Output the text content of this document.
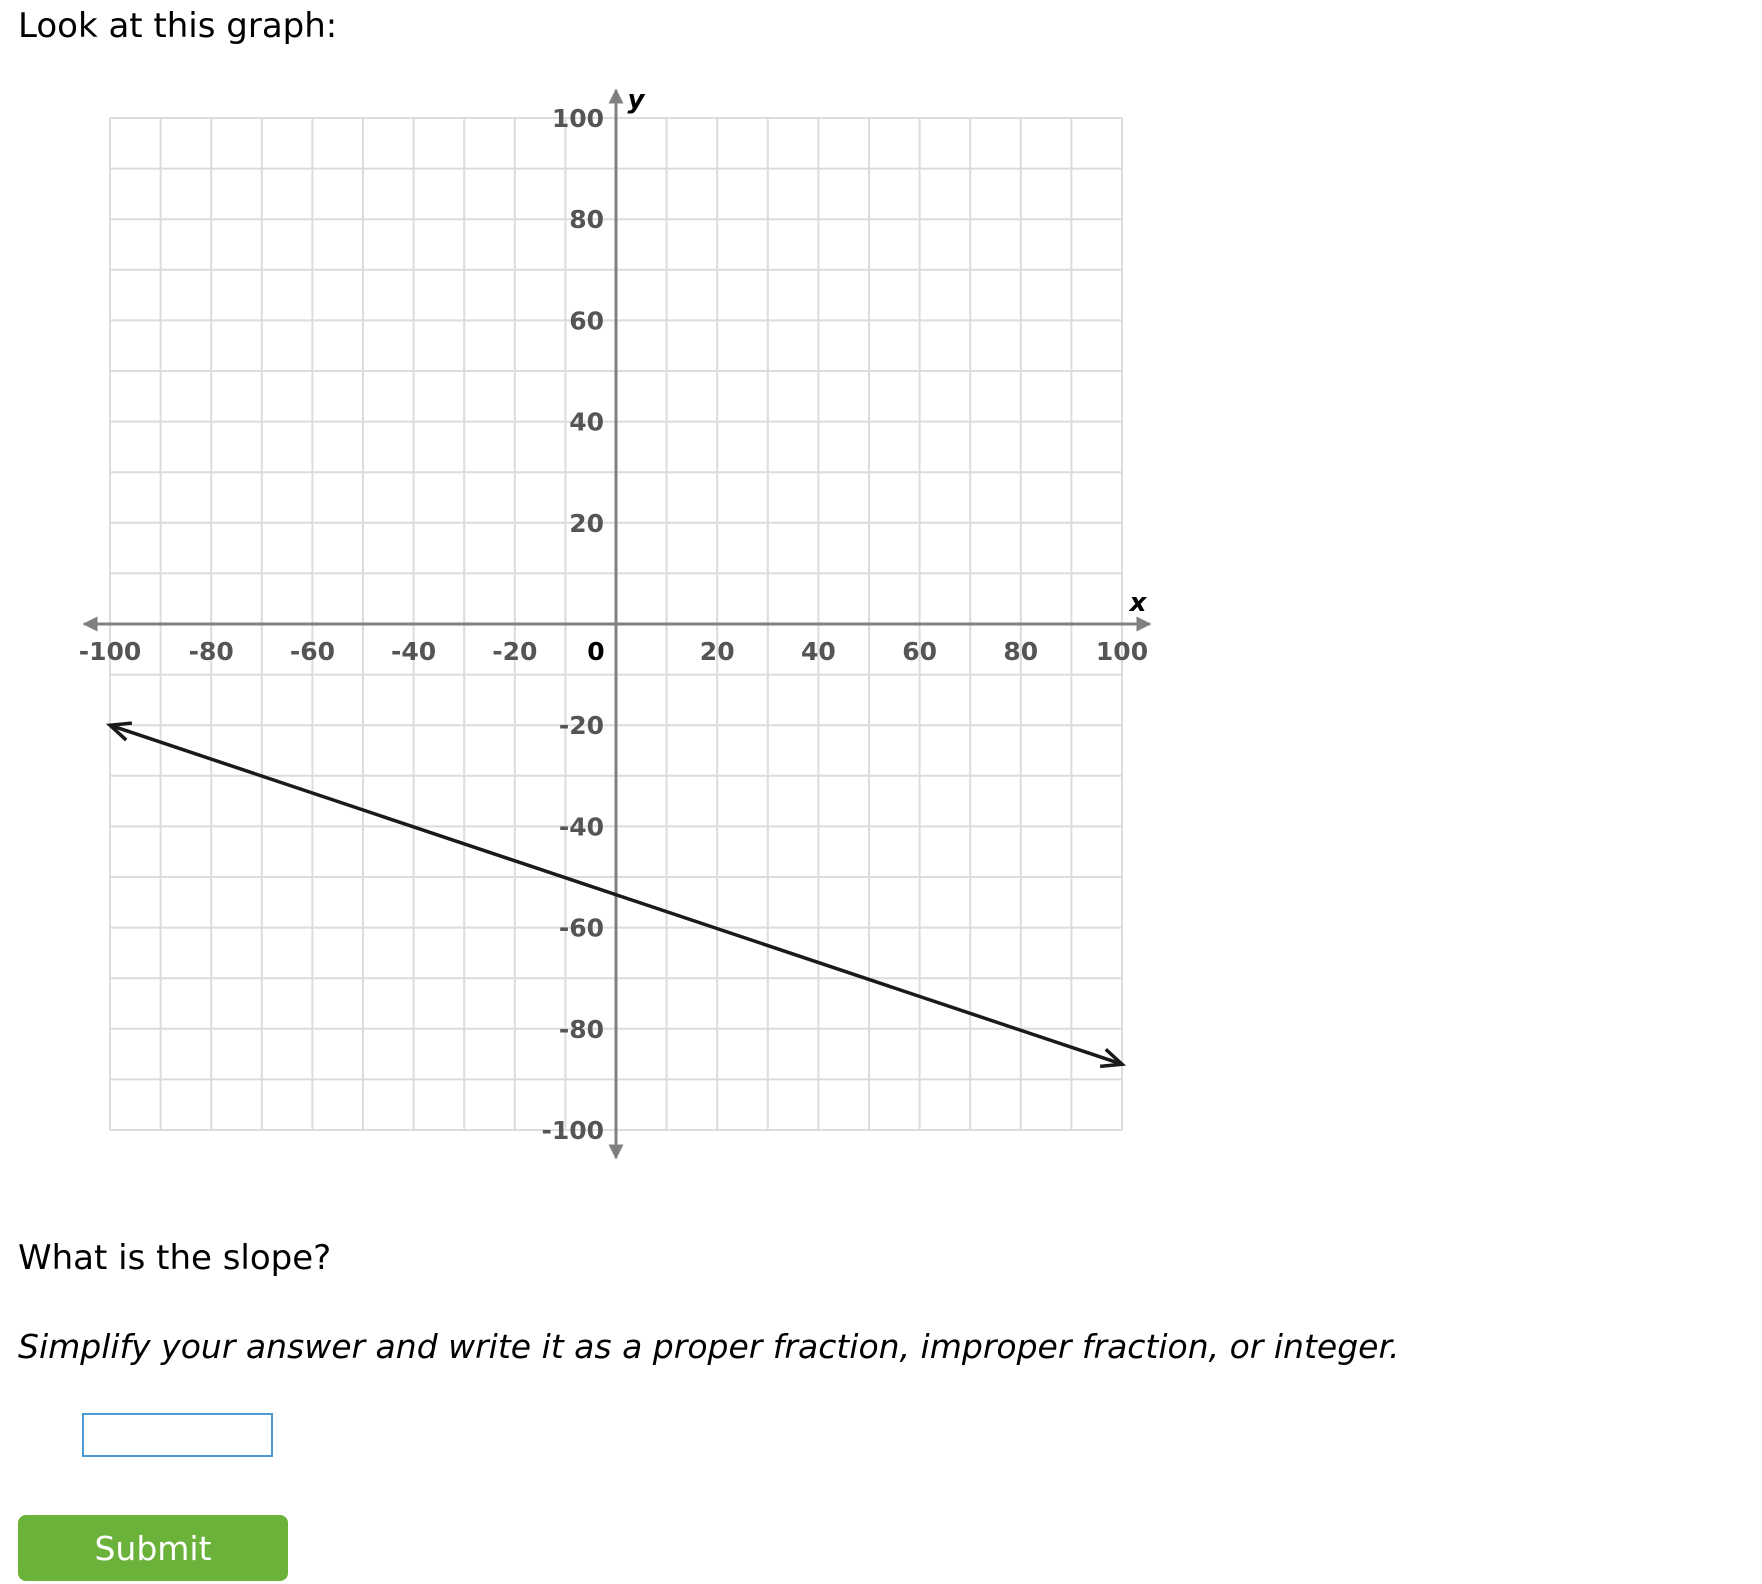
Look at this graph:
x
y
-100 -80 -60 -40 -20 0	20	40	60	80 100
100
80
60
40
20
-20
-40
-60
-80
-100

What is the slope?

Simplify your answer and write it as a proper fraction, improper fraction, or integer.

Submit
